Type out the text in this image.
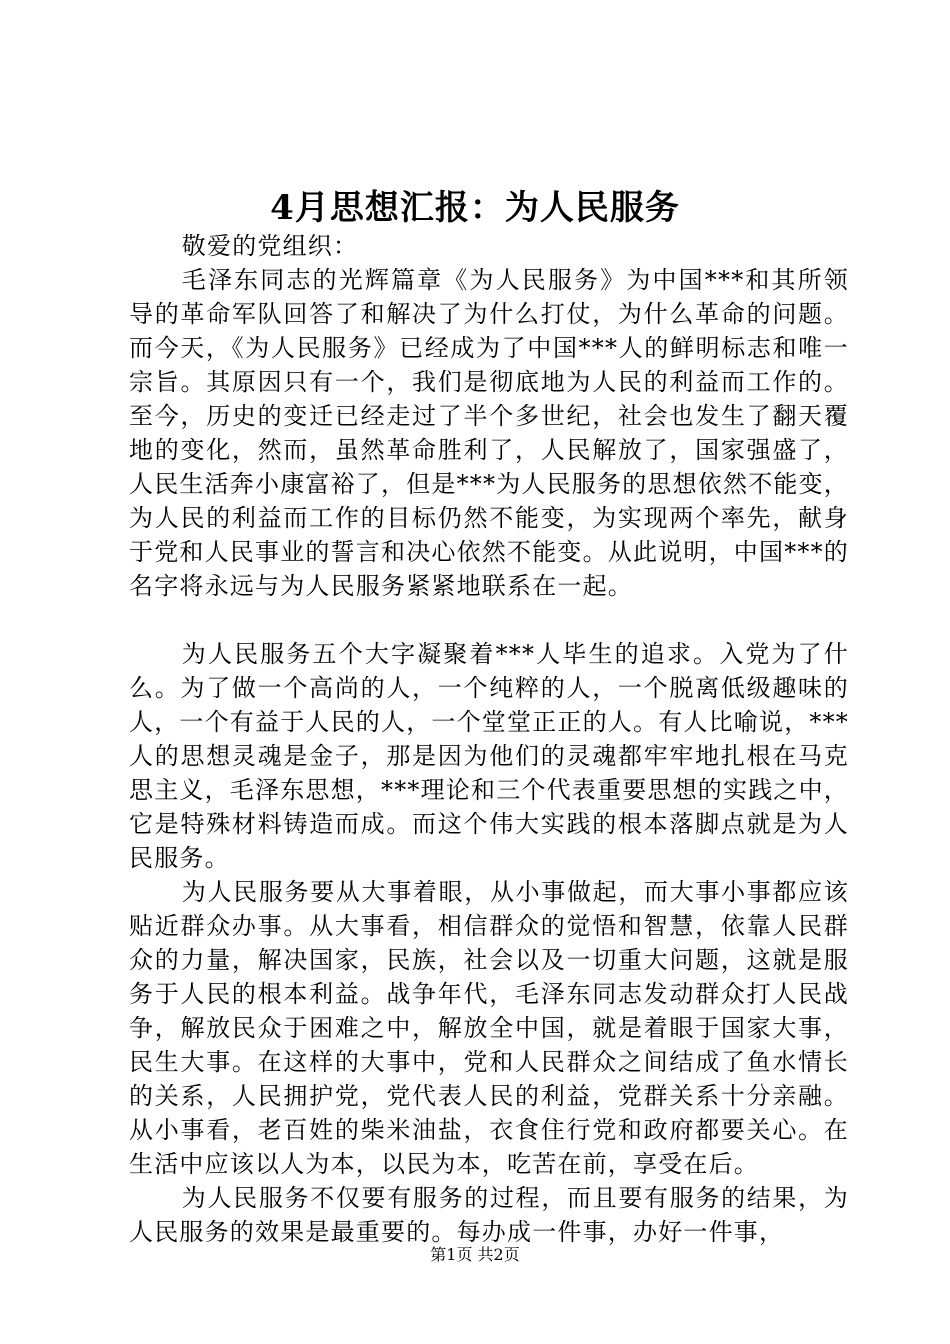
4月思想汇报：为人民服务

敬爱的党组织：

毛泽东同志的光辉篇章《为人民服务》为中国***和其所领导的革命军队回答了和解决了为什么打仗，为什么革命的问题。而今天，《为人民服务》已经成为了中国***人的鲜明标志和唯一宗旨。其原因只有一个，我们是彻底地为人民的利益而工作的。至今，历史的变迁已经走过了半个多世纪，社会也发生了翻天覆地的变化，然而，虽然革命胜利了，人民解放了，国家强盛了，人民生活奔小康富裕了，但是***为人民服务的思想依然不能变，为人民的利益而工作的目标仍然不能变，为实现两个率先，献身于党和人民事业的誓言和决心依然不能变。从此说明，中国***的名字将永远与为人民服务紧紧地联系在一起。

为人民服务五个大字凝聚着***人毕生的追求。入党为了什么。为了做一个高尚的人，一个纯粹的人，一个脱离低级趣味的人，一个有益于人民的人，一个堂堂正正的人。有人比喻说，***人的思想灵魂是金子，那是因为他们的灵魂都牢牢地扎根在马克思主义，毛泽东思想，***理论和三个代表重要思想的实践之中，它是特殊材料铸造而成。而这个伟大实践的根本落脚点就是为人民服务。

为人民服务要从大事着眼，从小事做起，而大事小事都应该贴近群众办事。从大事看，相信群众的觉悟和智慧，依靠人民群众的力量，解决国家，民族，社会以及一切重大问题，这就是服务于人民的根本利益。战争年代，毛泽东同志发动群众打人民战争，解放民众于困难之中，解放全中国，就是着眼于国家大事，民生大事。在这样的大事中，党和人民群众之间结成了鱼水情长的关系，人民拥护党，党代表人民的利益，党群关系十分亲融。从小事看，老百姓的柴米油盐，衣食住行党和政府都要关心。在生活中应该以人为本，以民为本，吃苦在前，享受在后。

为人民服务不仅要有服务的过程，而且要有服务的结果，为人民服务的效果是最重要的。每办成一件事，办好一件事，

第1页 共2页
